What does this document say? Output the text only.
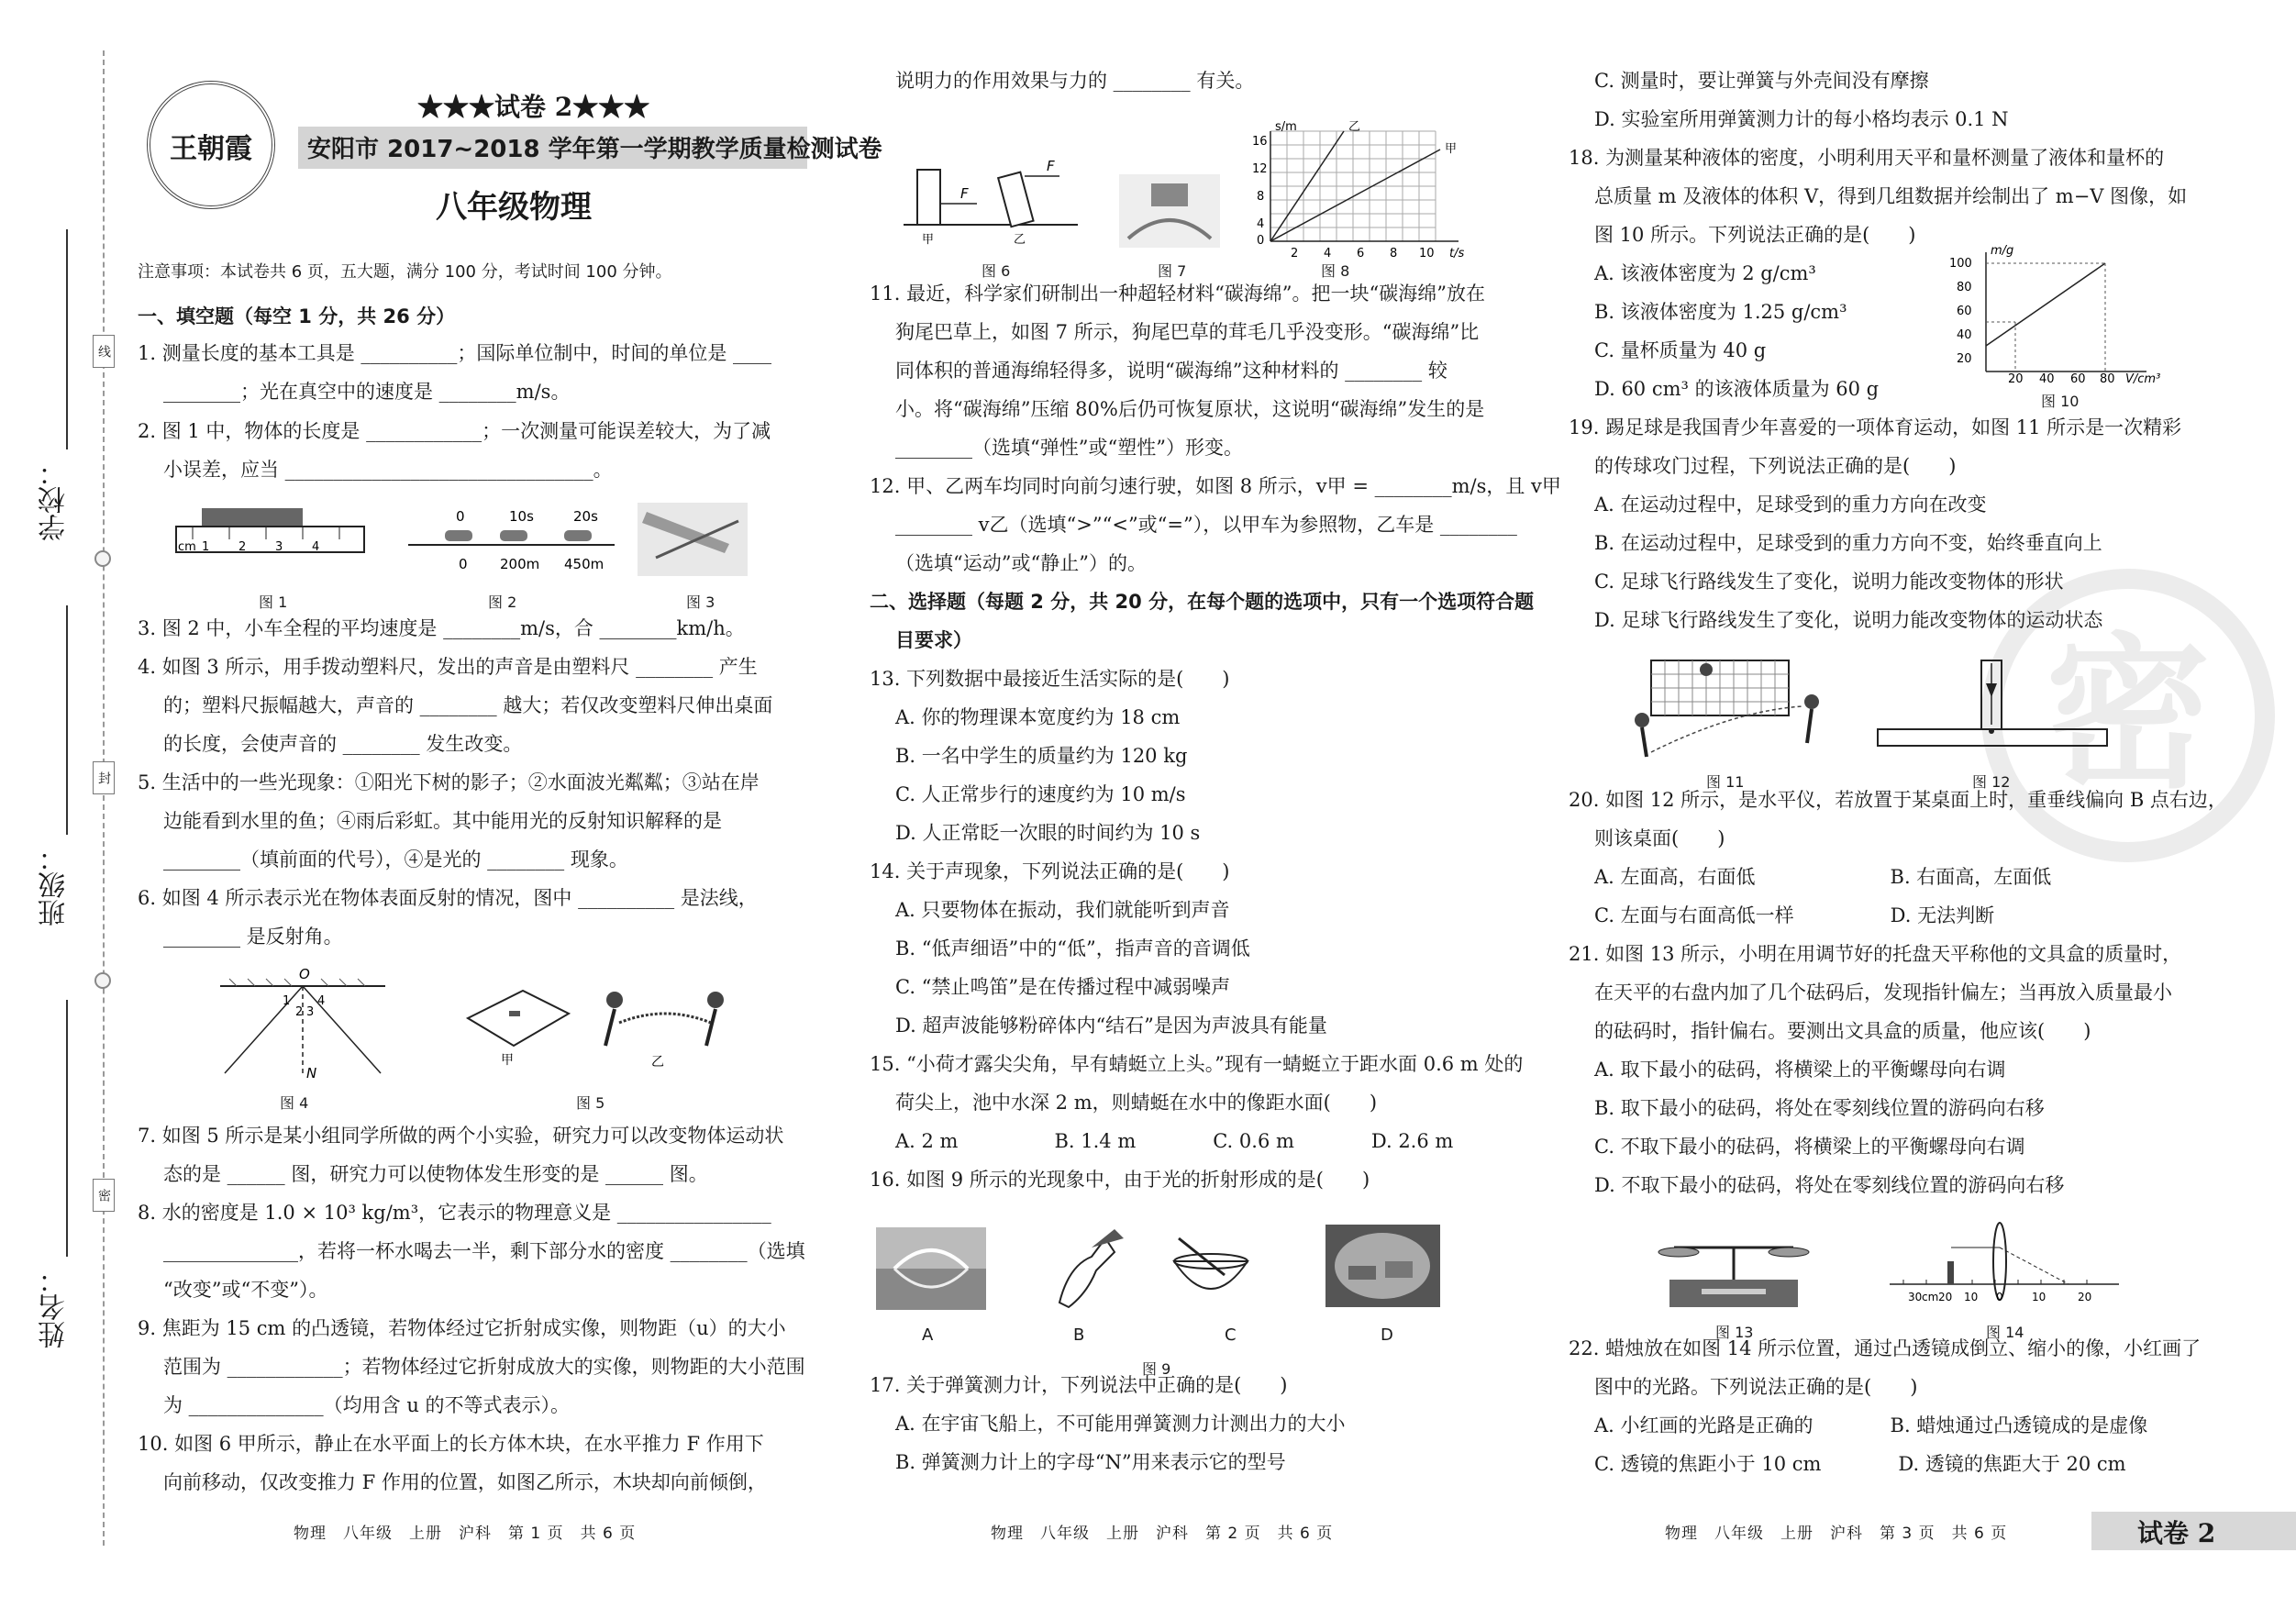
学校：
班级：
姓名：
线
封
密
王朝霞
★★★试卷 2★★★
安阳市 2017~2018 学年第一学期教学质量检测试卷
八年级物理
注意事项：本试卷共 6 页，五大题，满分 100 分，考试时间 100 分钟。
密
一、填空题（每空 1 分，共 26 分）
1. 测量长度的基本工具是 __________；国际单位制中，时间的单位是 ____
________；光在真空中的速度是 ________m/s。
2. 图 1 中，物体的长度是 ____________；一次测量可能误差较大，为了减
小误差，应当 ________________________________。
3. 图 2 中，小车全程的平均速度是 ________m/s，合 ________km/h。
4. 如图 3 所示，用手拨动塑料尺，发出的声音是由塑料尺 ________ 产生
的；塑料尺振幅越大，声音的 ________ 越大；若仅改变塑料尺伸出桌面
的长度，会使声音的 ________ 发生改变。
5. 生活中的一些光现象：①阳光下树的影子；②水面波光粼粼；③站在岸
边能看到水里的鱼；④雨后彩虹。其中能用光的反射知识解释的是
________（填前面的代号），④是光的 ________ 现象。
6. 如图 4 所示表示光在物体表面反射的情况，图中 __________ 是法线，
________ 是反射角。
7. 如图 5 所示是某小组同学所做的两个小实验，研究力可以改变物体运动状
态的是 ______ 图，研究力可以使物体发生形变的是 ______ 图。
8. 水的密度是 1.0 × 10³ kg/m³，它表示的物理意义是 ________________
______________，若将一杯水喝去一半，剩下部分水的密度 ________（选填
“改变”或“不变”）。
9. 焦距为 15 cm 的凸透镜，若物体经过它折射成实像，则物距（u）的大小
范围为 ____________；若物体经过它折射成放大的实像，则物距的大小范围
为 ______________（均用含 u 的不等式表示）。
10. 如图 6 甲所示，静止在水平面上的长方体木块，在水平推力 F 作用下
向前移动，仅改变推力 F 作用的位置，如图乙所示，木块却向前倾倒，
说明力的作用效果与力的 ________ 有关。
11. 最近，科学家们研制出一种超轻材料“碳海绵”。把一块“碳海绵”放在
狗尾巴草上，如图 7 所示，狗尾巴草的茸毛几乎没变形。“碳海绵”比
同体积的普通海绵轻得多，说明“碳海绵”这种材料的 ________ 较
小。将“碳海绵”压缩 80%后仍可恢复原状，这说明“碳海绵”发生的是
________（选填“弹性”或“塑性”）形变。
12. 甲、乙两车均同时向前匀速行驶，如图 8 所示，v甲 = ________m/s，且 v甲
________ v乙（选填“>”“<”或“=”），以甲车为参照物，乙车是 ________
（选填“运动”或“静止”）的。
二、选择题（每题 2 分，共 20 分，在每个题的选项中，只有一个选项符合题
目要求）
13. 下列数据中最接近生活实际的是(　　)
A. 你的物理课本宽度约为 18 cm
B. 一名中学生的质量约为 120 kg
C. 人正常步行的速度约为 10 m/s
D. 人正常眨一次眼的时间约为 10 s
14. 关于声现象，下列说法正确的是(　　)
A. 只要物体在振动，我们就能听到声音
B. “低声细语”中的“低”，指声音的音调低
C. “禁止鸣笛”是在传播过程中减弱噪声
D. 超声波能够粉碎体内“结石”是因为声波具有能量
15. “小荷才露尖尖角，早有蜻蜓立上头。”现有一蜻蜓立于距水面 0.6 m 处的
荷尖上，池中水深 2 m，则蜻蜓在水中的像距水面(　　)
A. 2 m　　　　　B. 1.4 m　　　　C. 0.6 m　　　　D. 2.6 m
16. 如图 9 所示的光现象中，由于光的折射形成的是(　　)
17. 关于弹簧测力计，下列说法中正确的是(　　)
A. 在宇宙飞船上，不可能用弹簧测力计测出力的大小
B. 弹簧测力计上的字母“N”用来表示它的型号
C. 测量时，要让弹簧与外壳间没有摩擦
D. 实验室所用弹簧测力计的每小格均表示 0.1 N
18. 为测量某种液体的密度，小明利用天平和量杯测量了液体和量杯的
总质量 m 及液体的体积 V，得到几组数据并绘制出了 m−V 图像，如
图 10 所示。下列说法正确的是(　　)
A. 该液体密度为 2 g/cm³
B. 该液体密度为 1.25 g/cm³
C. 量杯质量为 40 g
D. 60 cm³ 的该液体质量为 60 g
19. 踢足球是我国青少年喜爱的一项体育运动，如图 11 所示是一次精彩
的传球攻门过程，下列说法正确的是(　　)
A. 在运动过程中，足球受到的重力方向在改变
B. 在运动过程中，足球受到的重力方向不变，始终垂直向上
C. 足球飞行路线发生了变化，说明力能改变物体的形状
D. 足球飞行路线发生了变化，说明力能改变物体的运动状态
20. 如图 12 所示，是水平仪，若放置于某桌面上时，重垂线偏向 B 点右边，
则该桌面(　　)
A. 左面高，右面低　　　　　　　B. 右面高，左面低
C. 左面与右面高低一样　　　　　D. 无法判断
21. 如图 13 所示，小明在用调节好的托盘天平称他的文具盒的质量时，
在天平的右盘内加了几个砝码后，发现指针偏左；当再放入质量最小
的砝码时，指针偏右。要测出文具盒的质量，他应该(　　)
A. 取下最小的砝码，将横梁上的平衡螺母向右调
B. 取下最小的砝码，将处在零刻线位置的游码向右移
C. 不取下最小的砝码，将横梁上的平衡螺母向右调
D. 不取下最小的砝码，将处在零刻线位置的游码向右移
22. 蜡烛放在如图 14 所示位置，通过凸透镜成倒立、缩小的像，小红画了
图中的光路。下列说法正确的是(　　)
A. 小红画的光路是正确的　　　　B. 蜡烛通过凸透镜成的是虚像
C. 透镜的焦距小于 10 cm　　　　D. 透镜的焦距大于 20 cm
cm 1 2 3 4
0	10s	20s
0 200m 450m
图 1	图 2	图 3
O
N
1
2 3
4
甲	乙
图 4	图 5
F
F
甲	乙
s/m	乙
甲
16
12
8
4
0
2 4 6 8 10 t/s
图 6	图 7	图 8
A	B	C	D
图 9
m/g
100
80
60
40
20
20 40 60 80 V/cm³
图 10
图 11	图 12
30 cm 20 10 0	10	20
图 13	图 14
物理　八年级　上册　沪科　第 1 页　共 6 页	物理　八年级　上册　沪科　第 2 页　共 6 页	物理　八年级　上册　沪科　第 3 页　共 6 页	试卷 2
